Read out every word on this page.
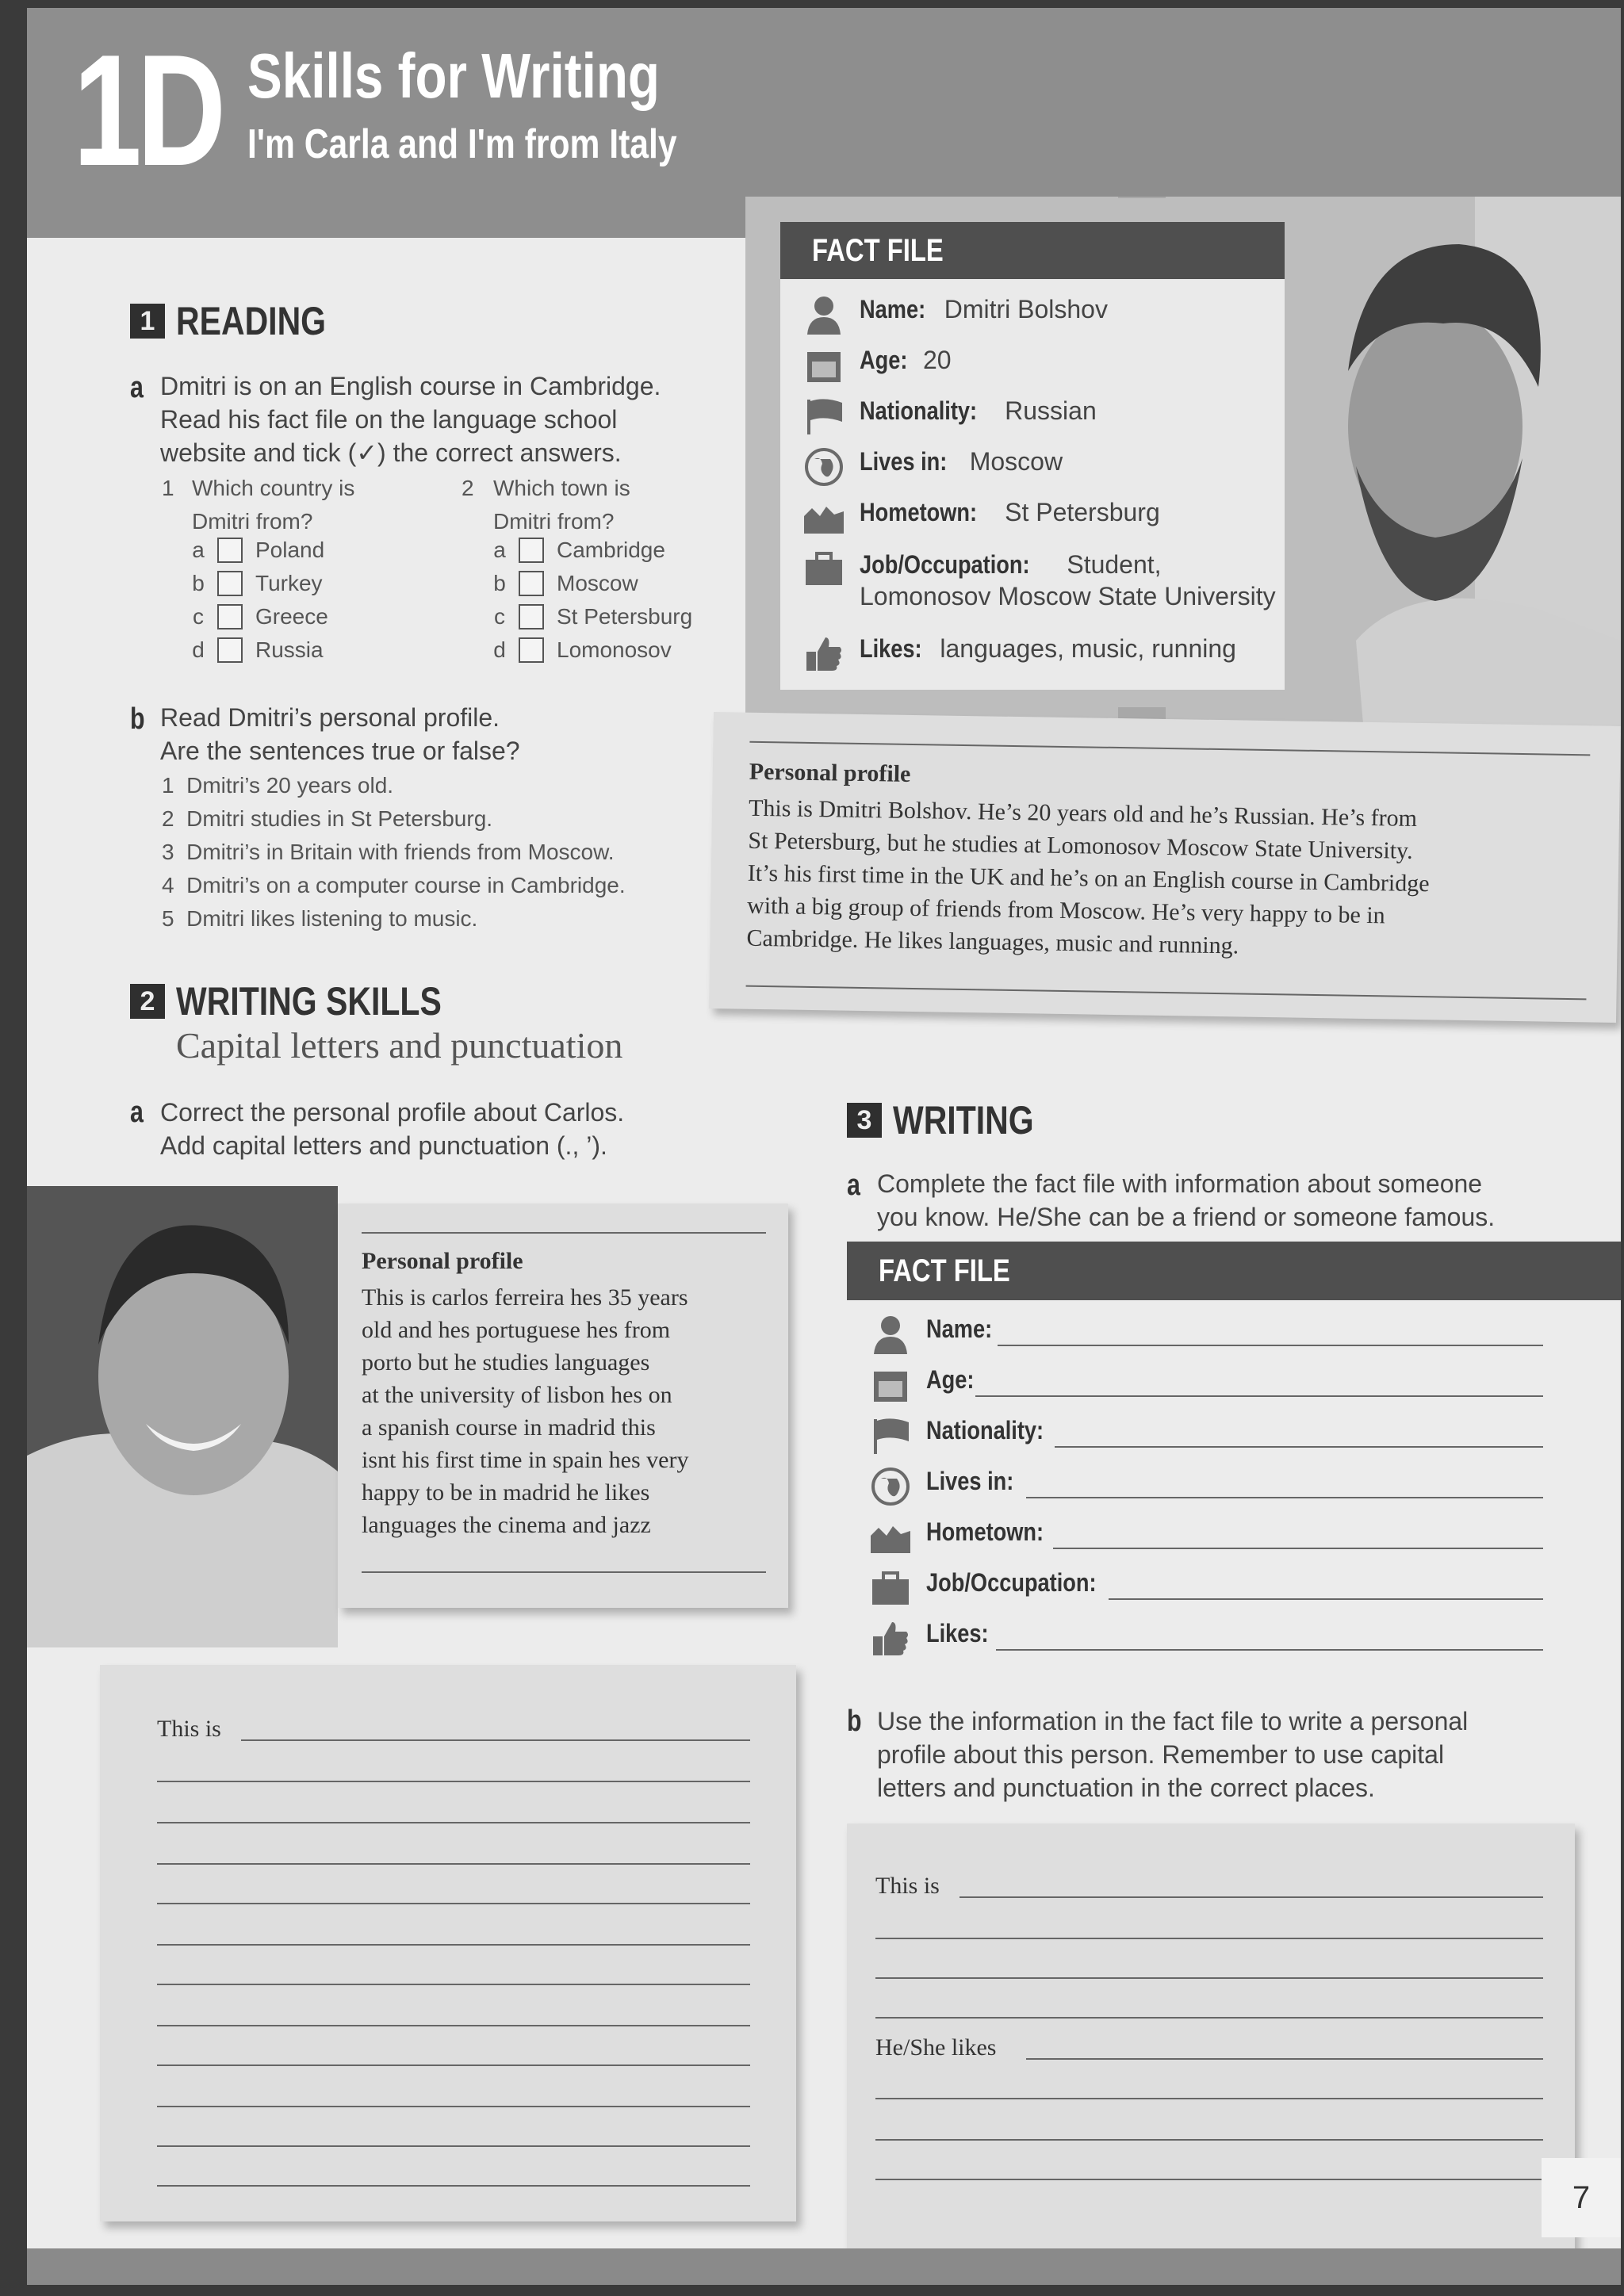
1D Skills for Writing
I'm Carla and I'm from Italy
1 READING
a Dmitri is on an English course in Cambridge.
Read his fact file on the language school
website and tick (✓) the correct answers.
1 Which country is
Dmitri from?
a	Poland
b	Turkey
c	Greece
d	Russia
2 Which town is
Dmitri from?
a	Cambridge
b	Moscow
c	St Petersburg
d	Lomonosov
b Read Dmitri’s personal profile.
Are the sentences true or false?
1 Dmitri’s 20 years old.
2 Dmitri studies in St Petersburg.
3 Dmitri’s in Britain with friends from Moscow.
4 Dmitri’s on a computer course in Cambridge.
5 Dmitri likes listening to music.
FACT FILE
Name: Dmitri Bolshov
Age: 20
Nationality: Russian
Lives in: Moscow
Hometown: St Petersburg
Job/Occupation: Student, Lomonosov Moscow State University
Likes: languages, music, running
Personal profile
This is Dmitri Bolshov. He’s 20 years old and he’s Russian. He’s from
St Petersburg, but he studies at Lomonosov Moscow State University.
It’s his first time in the UK and he’s on an English course in Cambridge
with a big group of friends from Moscow. He’s very happy to be in
Cambridge. He likes languages, music and running.
2 WRITING SKILLS
Capital letters and punctuation
a Correct the personal profile about Carlos.
Add capital letters and punctuation (., ’).
Personal profile
This is carlos ferreira hes 35 years
old and hes portuguese hes from
porto but he studies languages
at the university of lisbon hes on
a spanish course in madrid this
isnt his first time in spain hes very
happy to be in madrid he likes
languages the cinema and jazz
This is
3 WRITING
a Complete the fact file with information about someone
you know. He/She can be a friend or someone famous.
FACT FILE
Name:
Age:
Nationality:
Lives in:
Hometown:
Job/Occupation:
Likes:
b Use the information in the fact file to write a personal
profile about this person. Remember to use capital
letters and punctuation in the correct places.
This is
He/She likes
7
